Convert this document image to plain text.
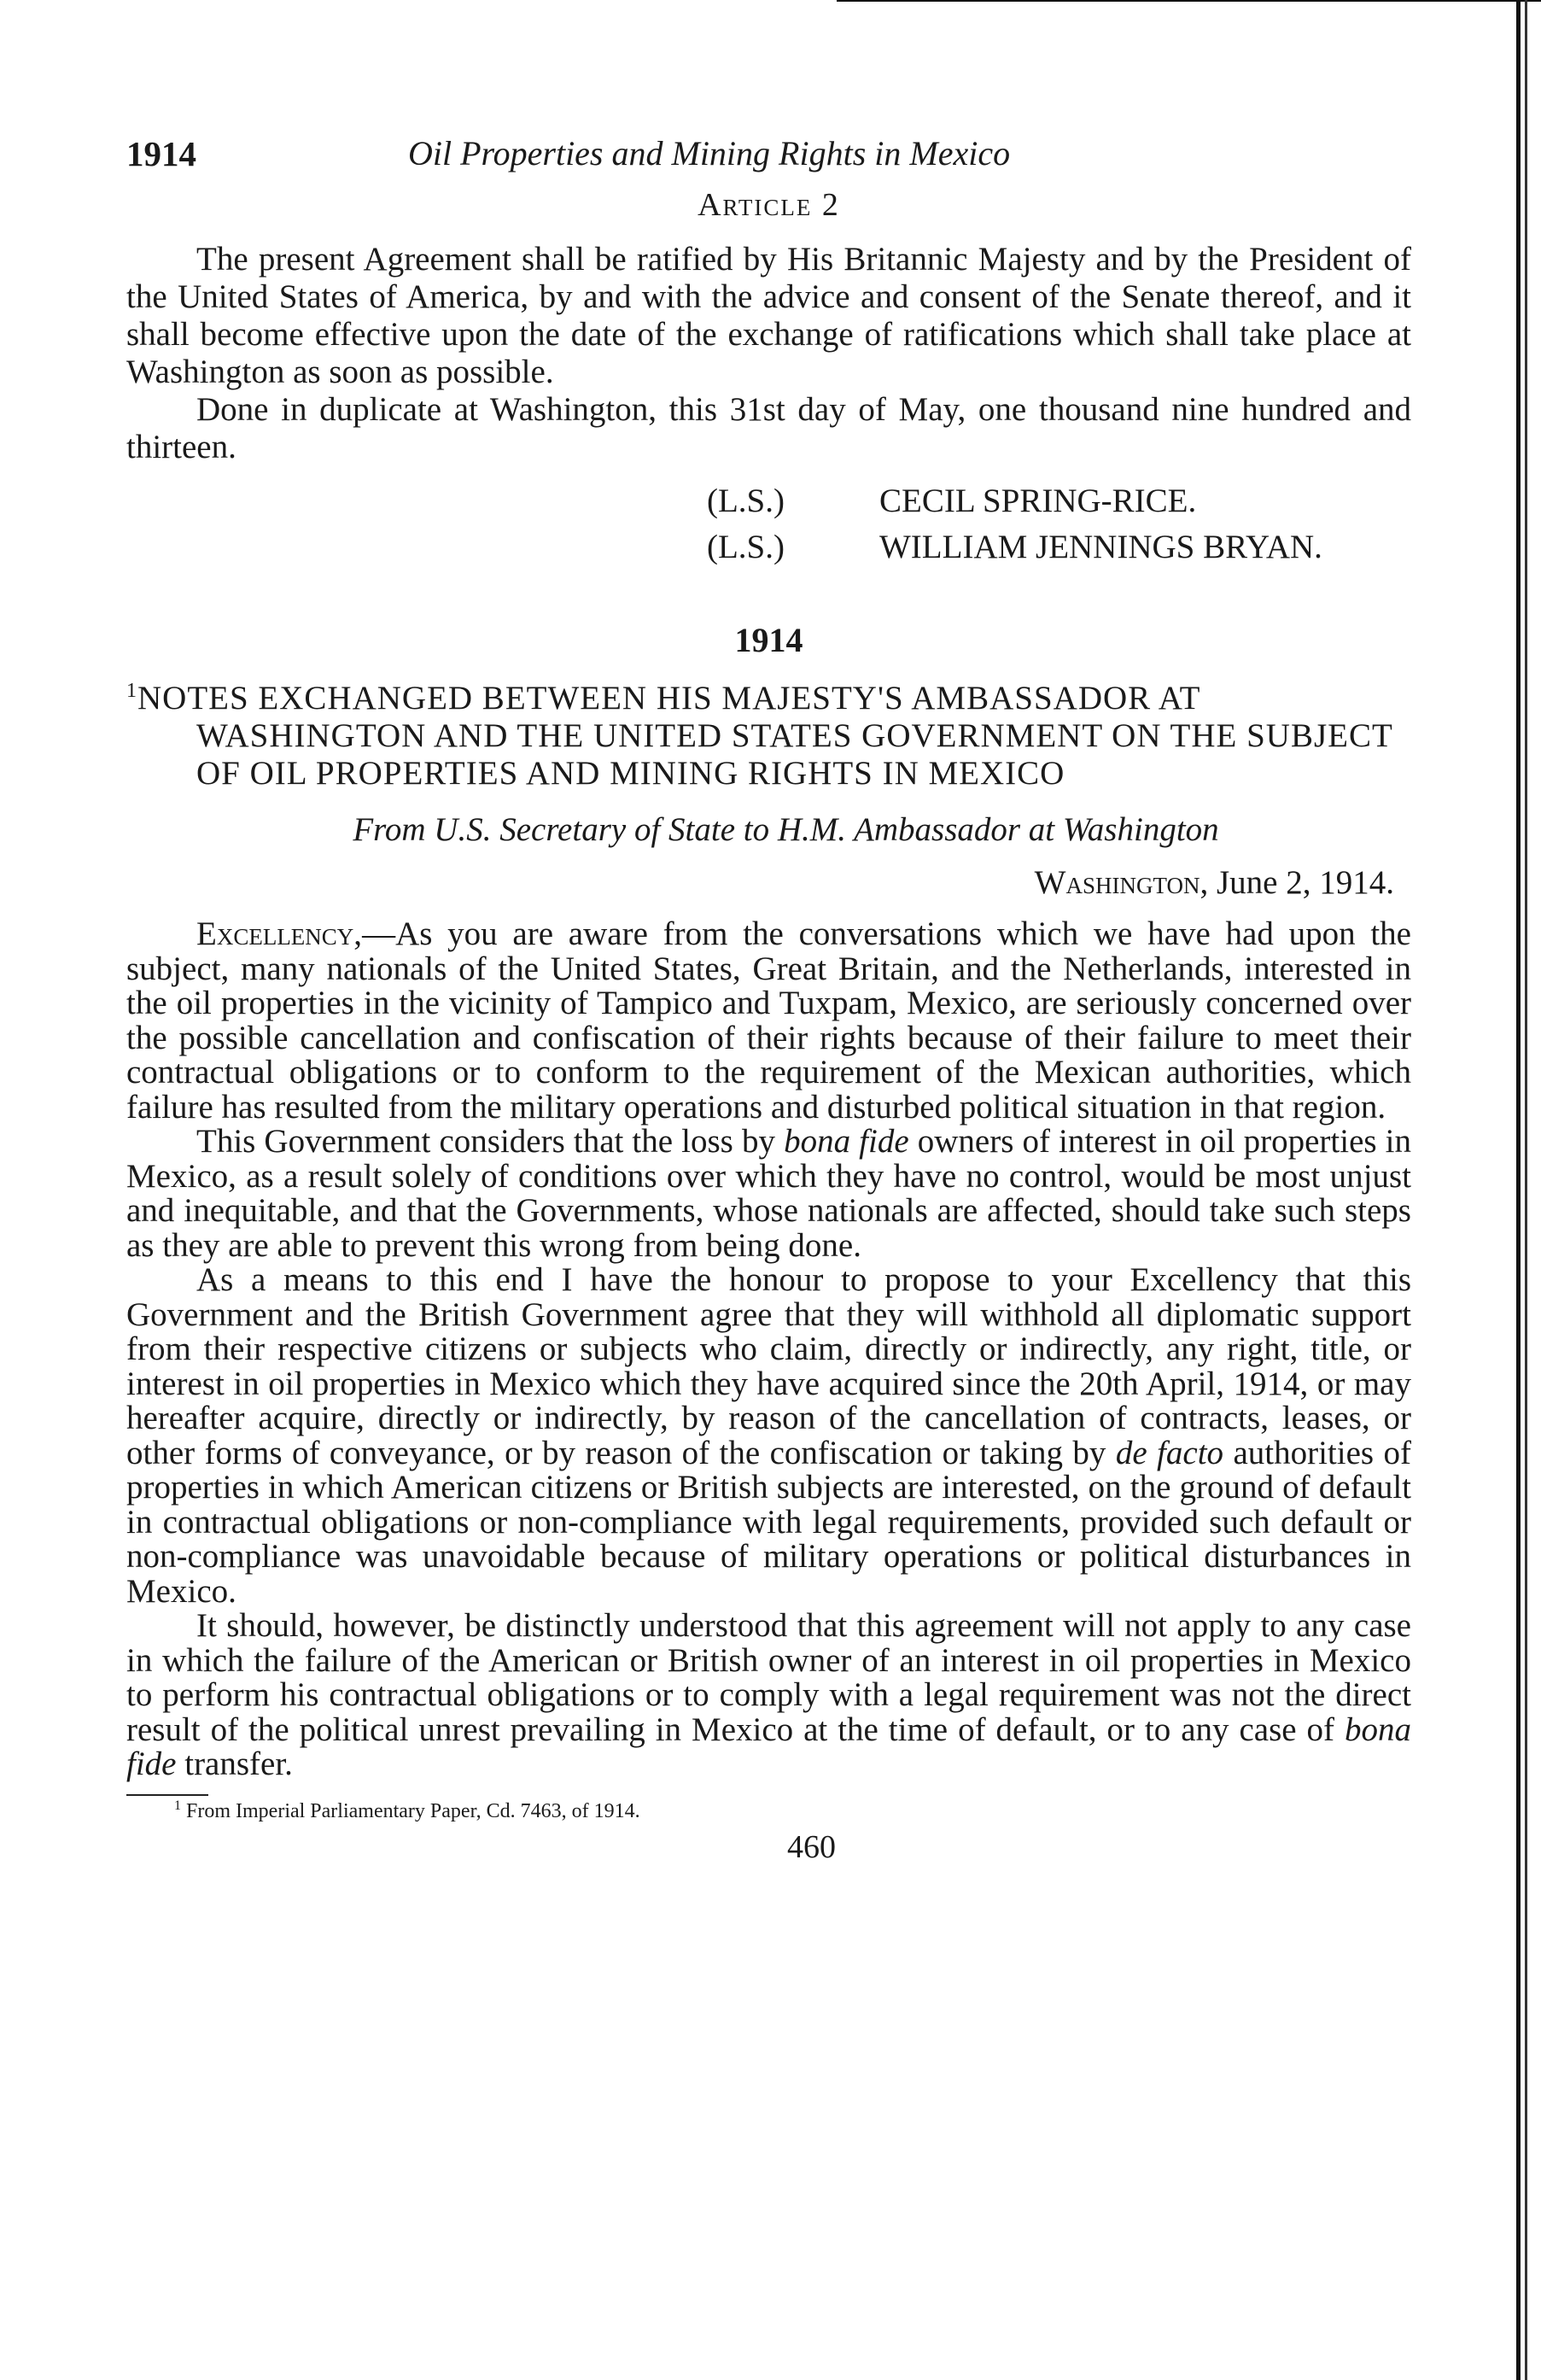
1914	Oil Properties and Mining Rights in Mexico
Article 2

The present Agreement shall be ratified by His Britannic Majesty and by the President of the United States of America, by and with the advice and consent of the Senate thereof, and it shall become effective upon the date of the exchange of ratifications which shall take place at Washington as soon as possible.

Done in duplicate at Washington, this 31st day of May, one thousand nine hundred and thirteen.

(L.S.)	CECIL SPRING-RICE.
(L.S.)	WILLIAM JENNINGS BRYAN.
1914
$^1$NOTES EXCHANGED BETWEEN HIS MAJESTY'S AMBASSADOR AT WASHINGTON AND THE UNITED STATES GOVERNMENT ON THE SUBJECT OF OIL PROPERTIES AND MINING RIGHTS IN MEXICO
From U.S. Secretary of State to H.M. Ambassador at Washington
Washington, June 2, 1914.

Excellency,—As you are aware from the conversations which we have had upon the subject, many nationals of the United States, Great Britain, and the Netherlands, interested in the oil properties in the vicinity of Tampico and Tuxpam, Mexico, are seriously concerned over the possible cancellation and confiscation of their rights because of their failure to meet their contractual obligations or to conform to the requirement of the Mexican authorities, which failure has resulted from the military operations and disturbed political situation in that region.

This Government considers that the loss by bona fide owners of interest in oil properties in Mexico, as a result solely of conditions over which they have no control, would be most unjust and inequitable, and that the Governments, whose nationals are affected, should take such steps as they are able to prevent this wrong from being done.

As a means to this end I have the honour to propose to your Excellency that this Government and the British Government agree that they will withhold all diplomatic support from their respective citizens or subjects who claim, directly or indirectly, any right, title, or interest in oil properties in Mexico which they have acquired since the 20th April, 1914, or may hereafter acquire, directly or indirectly, by reason of the cancellation of contracts, leases, or other forms of conveyance, or by reason of the confiscation or taking by de facto authorities of properties in which American citizens or British subjects are interested, on the ground of default in contractual obligations or non-compliance with legal requirements, provided such default or non-compliance was unavoidable because of military operations or political disturbances in Mexico.

It should, however, be distinctly understood that this agreement will not apply to any case in which the failure of the American or British owner of an interest in oil properties in Mexico to perform his contractual obligations or to comply with a legal requirement was not the direct result of the political unrest prevailing in Mexico at the time of default, or to any case of bona fide transfer.

$^1$ From Imperial Parliamentary Paper, Cd. 7463, of 1914.
460
